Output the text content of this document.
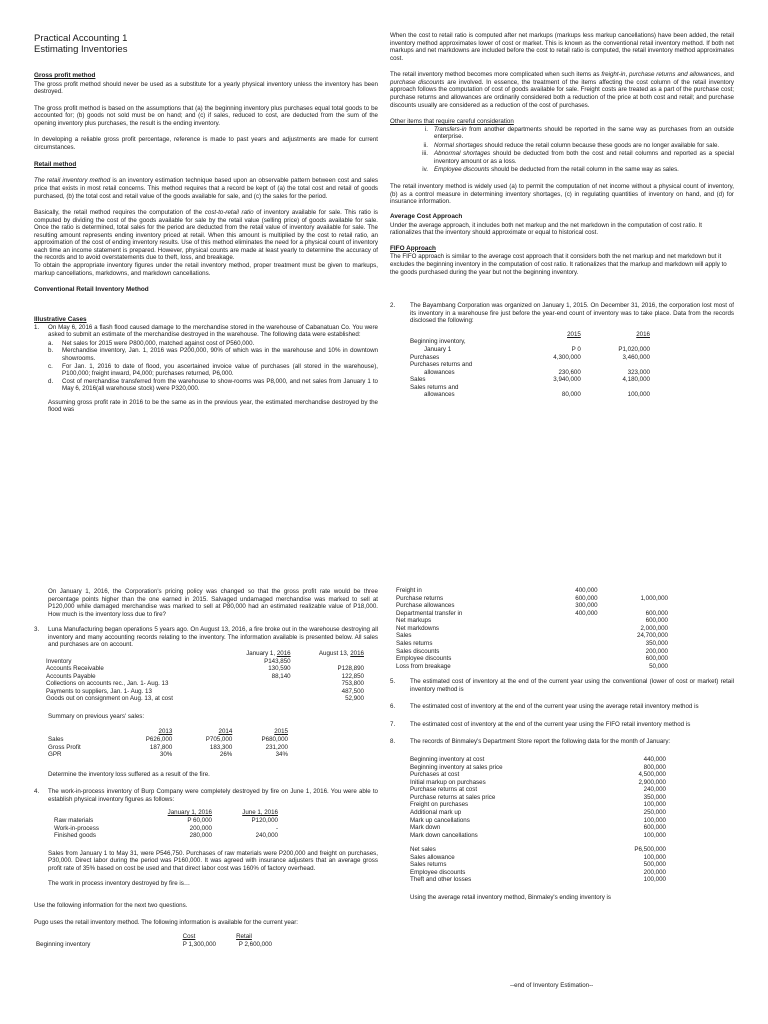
Practical Accounting 1
Estimating Inventories
Gross profit method

The gross profit method should never be used as a substitute for a yearly physical inventory unless the inventory has been destroyed.

The gross profit method is based on the assumptions that (a) the beginning inventory plus purchases equal total goods to be accounted for; (b) goods not sold must be on hand; and (c) if sales, reduced to cost, are deducted from the sum of the opening inventory plus purchases, the result is the ending inventory.

In developing a reliable gross profit percentage, reference is made to past years and adjustments are made for current circumstances.

Retail method

The retail inventory method is an inventory estimation technique based upon an observable pattern between cost and sales price that exists in most retail concerns. This method requires that a record be kept of (a) the total cost and retail of goods purchased, (b) the total cost and retail value of the goods available for sale, and (c) the sales for the period.

Basically, the retail method requires the computation of the cost-to-retail ratio of inventory available for sale. This ratio is computed by dividing the cost of the goods available for sale by the retail value (selling price) of goods available for sale. Once the ratio is determined, total sales for the period are deducted from the retail value of inventory available for sale. The resulting amount represents ending inventory priced at retail. When this amount is multiplied by the cost to retail ratio, an approximation of the cost of ending inventory results. Use of this method eliminates the need for a physical count of inventory each time an income statement is prepared. However, physical counts are made at least yearly to determine the accuracy of the records and to avoid overstatements due to theft, loss, and breakage.

To obtain the appropriate inventory figures under the retail inventory method, proper treatment must be given to markups, markup cancellations, markdowns, and markdown cancellations.

Conventional Retail Inventory Method
Illustrative Cases
1.	On May 6, 2016 a flash flood caused damage to the merchandise stored in the warehouse of Cabanatuan Co. You were asked to submit an estimate of the merchandise destroyed in the warehouse. The following data were established:
a.	Net sales for 2015 were P800,000, matched against cost of P560,000.
b.	Merchandise inventory, Jan. 1, 2016 was P200,000, 90% of which was in the warehouse and 10% in downtown showrooms.
c.	For Jan. 1, 2016 to date of flood, you ascertained invoice value of purchases (all stored in the warehouse), P100,000; freight inward, P4,000; purchases returned, P6,000.
d.	Cost of merchandise transferred from the warehouse to show-rooms was P8,000, and net sales from January 1 to May 6, 2016(all warehouse stock) were P320,000.

Assuming gross profit rate in 2016 to be the same as in the previous year, the estimated merchandise destroyed by the flood was

When the cost to retail ratio is computed after net markups (markups less markup cancellations) have been added, the retail inventory method approximates lower of cost or market. This is known as the conventional retail inventory method. If both net markups and net markdowns are included before the cost to retail ratio is computed, the retail inventory method approximates cost.

The retail inventory method becomes more complicated when such items as freight-in, purchase returns and allowances, and purchase discounts are involved. In essence, the treatment of the items affecting the cost column of the retail inventory approach follows the computation of cost of goods available for sale. Freight costs are treated as a part of the purchase cost; purchase returns and allowances are ordinarily considered both a reduction of the price at both cost and retail; and purchase discounts usually are considered as a reduction of the cost of purchases.

Other items that require careful consideration
i. Transfers-in from another departments should be reported in the same way as purchases from an outside enterprise.
ii. Normal shortages should reduce the retail column because these goods are no longer available for sale.
iii. Abnormal shortages should be deducted from both the cost and retail columns and reported as a special inventory amount or as a loss.
iv. Employee discounts should be deducted from the retail column in the same way as sales.

The retail inventory method is widely used (a) to permit the computation of net income without a physical count of inventory, (b) as a control measure in determining inventory shortages, (c) in regulating quantities of inventory on hand, and (d) for insurance information.

Average Cost Approach

Under the average approach, it includes both net markup and the net markdown in the computation of cost ratio. It rationalizes that the inventory should approximate or equal to historical cost.

FIFO Approach

The FIFO approach is similar to the average cost approach that it considers both the net markup and net markdown but it excludes the beginning inventory in the computation of cost ratio. It rationalizes that the markup and markdown will apply to the goods purchased during the year but not the beginning inventory.

2.	The Bayambang Corporation was organized on January 1, 2015. On December 31, 2016, the corporation lost most of its inventory in a warehouse fire just before the year-end count of inventory was to take place. Data from the records disclosed the following:
	2015	2016
Beginning inventory,		
January 1	P 0	P1,020,000
Purchases	4,300,000	3,460,000
Purchases returns and		
allowances	230,600	323,000
Sales	3,940,000	4,180,000
Sales returns and		
allowances	80,000	100,000

On January 1, 2016, the Corporation's pricing policy was changed so that the gross profit rate would be three percentage points higher than the one earned in 2015. Salvaged undamaged merchandise was marked to sell at P120,000 while damaged merchandise was marked to sell at P80,000 had an estimated realizable value of P18,000. How much is the inventory loss due to fire?

3.	Luna Manufacturing began operations 5 years ago. On August 13, 2016, a fire broke out in the warehouse destroying all inventory and many accounting records relating to the inventory. The information available is presented below. All sales and purchases are on account.
	January 1, 2016	August 13, 2016
Inventory	P143,850	
Accounts Receivable	130,590	P128,890
Accounts Payable	88,140	122,850
Collections on accounts rec., Jan. 1- Aug. 13		753,800
Payments to suppliers, Jan. 1- Aug. 13		487,500
Goods out on consignment on Aug. 13, at cost		52,900

Summary on previous years' sales:

	2013	2014	2015
Sales	P626,000	P705,000	P680,000
Gross Profit	187,800	183,300	231,200
GPR	30%	26%	34%

Determine the inventory loss suffered as a result of the fire.

4.	The work-in-process inventory of Burp Company were completely destroyed by fire on June 1, 2016. You were able to establish physical inventory figures as follows:
	January 1, 2016	June 1, 2016
Raw materials	P 60,000	P120,000
Work-in-process	200,000	-
Finished goods	280,000	240,000

Sales from January 1 to May 31, were P546,750. Purchases of raw materials were P200,000 and freight on purchases, P30,000. Direct labor during the period was P160,000. It was agreed with insurance adjusters that an average gross profit rate of 35% based on cost be used and that direct labor cost was 160% of factory overhead.

The work in process inventory destroyed by fire is…

Use the following information for the next two questions.

Pugo uses the retail inventory method. The following information is available for the current year:

	Cost	Retail
Beginning inventory	P 1,300,000	P 2,600,000
Freight in	400,000	
Purchase returns	600,000	1,000,000
Purchase allowances	300,000	
Departmental transfer in	400,000	600,000
Net markups		600,000
Net markdowns		2,000,000
Sales		24,700,000
Sales returns		350,000
Sales discounts		200,000
Employee discounts		600,000
Loss from breakage		50,000
5.	The estimated cost of inventory at the end of the current year using the conventional (lower of cost or market) retail inventory method is
6.	The estimated cost of inventory at the end of the current year using the average retail inventory method is
7.	The estimated cost of inventory at the end of the current year using the FIFO retail inventory method is
8.	The records of Binmaley's Department Store report the following data for the month of January:
Beginning inventory at cost	440,000
Beginning inventory at sales price	800,000
Purchases at cost	4,500,000
Initial markup on purchases	2,900,000
Purchase returns at cost	240,000
Purchase returns at sales price	350,000
Freight on purchases	100,000
Additional mark up	250,000
Mark up cancellations	100,000
Mark down	600,000
Mark down cancellations	100,000

Net sales	P6,500,000
Sales allowance	100,000
Sales returns	500,000
Employee discounts	200,000
Theft and other losses	100,000

Using the average retail inventory method, Binmaley's ending inventory is

--end of Inventory Estimation--
